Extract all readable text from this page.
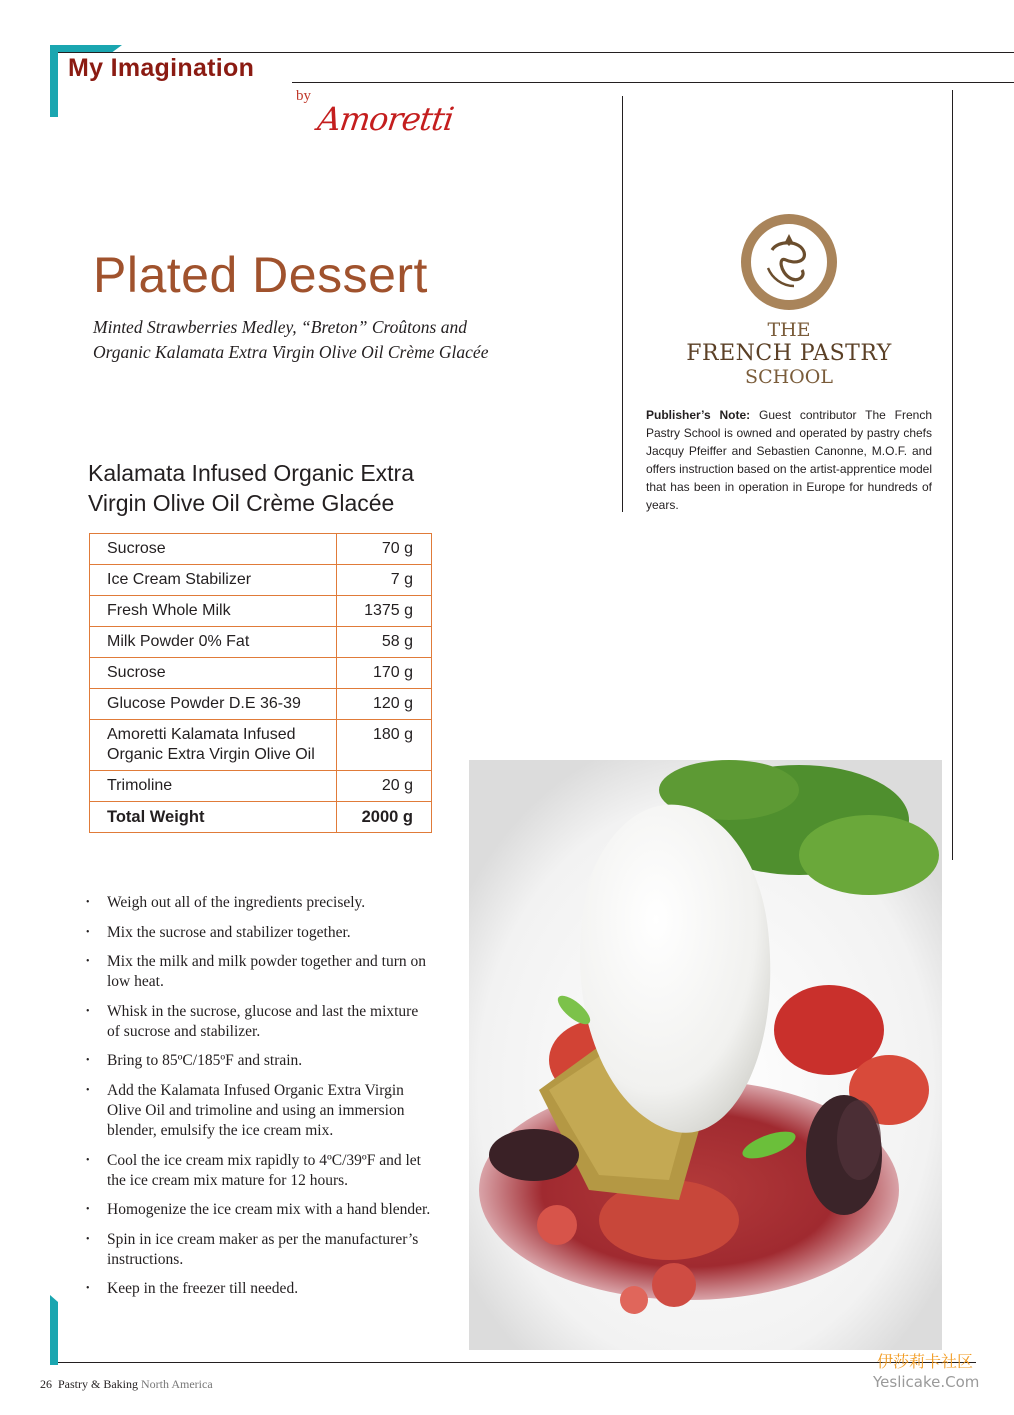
My Imagination
by
Amoretti
Plated Dessert
Minted Strawberries Medley, “Breton” Croûtons and
Organic Kalamata Extra Virgin Olive Oil Crème Glacée
THE
FRENCH PASTRY
SCHOOL
Publisher’s Note: Guest contributor The French Pastry School is owned and operated by pastry chefs Jacquy Pfeiffer and Sebastien Canonne, M.O.F. and offers instruction based on the artist-apprentice model that has been in operation in Europe for hundreds of years.
Kalamata Infused Organic Extra
Virgin Olive Oil Crème Glacée
Sucrose	70 g
Ice Cream Stabilizer	7 g
Fresh Whole Milk	1375 g
Milk Powder 0% Fat	58 g
Sucrose	170 g
Glucose Powder D.E 36-39	120 g

Amoretti Kalamata Infused
Organic Extra Virgin Olive Oil	180 g
Trimoline	20 g
Total Weight	2000 g
• Weigh out all of the ingredients precisely.
• Mix the sucrose and stabilizer together.
• Mix the milk and milk powder together and turn on low heat.
• Whisk in the sucrose, glucose and last the mixture of sucrose and stabilizer.
• Bring to 85ºC/185ºF and strain.
• Add the Kalamata Infused Organic Extra Virgin Olive Oil and trimoline and using an immersion blender, emulsify the ice cream mix.
• Cool the ice cream mix rapidly to 4ºC/39ºF and let the ice cream mix mature for 12 hours.
• Homogenize the ice cream mix with a hand blender.
• Spin in ice cream maker as per the manufacturer’s instructions.
• Keep in the freezer till needed.
26 Pastry & Baking North America
伊莎莉卡社区
Yeslicake.Com
